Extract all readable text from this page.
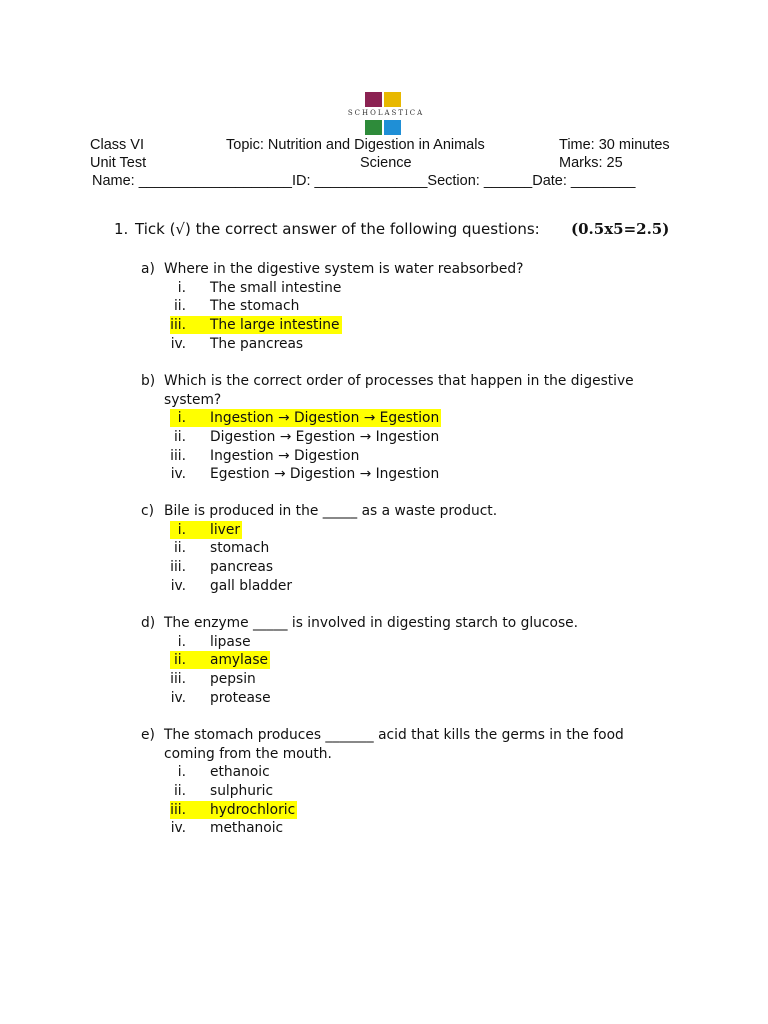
SCHOLASTICA
Class VI	Topic: Nutrition and Digestion in Animals	Time: 30 minutes
Unit Test	Science	Marks: 25
Name: ___________________ID: ______________Section: ______Date: ________
1. Tick (√) the correct answer of the following questions: (0.5x5=2.5)
a) Where in the digestive system is water reabsorbed?
i. The small intestine
ii. The stomach
iii. The large intestine
iv. The pancreas
b) Which is the correct order of processes that happen in the digestive
system?
i. Ingestion → Digestion → Egestion
ii. Digestion → Egestion → Ingestion
iii. Ingestion → Digestion
iv. Egestion → Digestion → Ingestion
c) Bile is produced in the _____ as a waste product.
i. liver
ii. stomach
iii. pancreas
iv. gall bladder
d) The enzyme _____ is involved in digesting starch to glucose.
i. lipase
ii. amylase
iii. pepsin
iv. protease
e) The stomach produces _______ acid that kills the germs in the food
coming from the mouth.
i. ethanoic
ii. sulphuric
iii. hydrochloric
iv. methanoic
